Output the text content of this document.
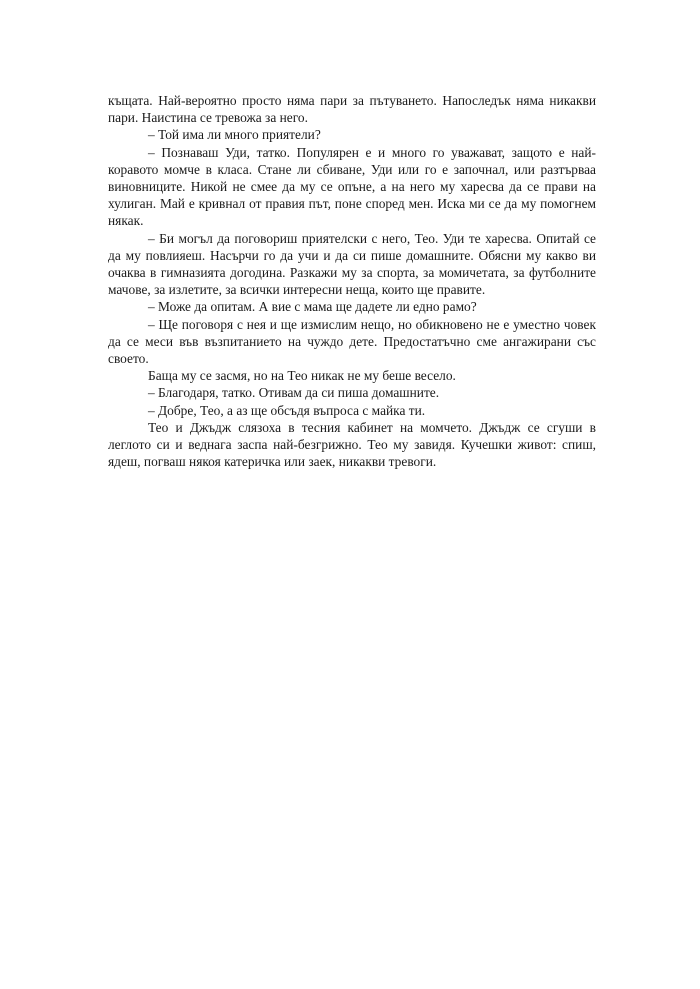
къщата. Най-вероятно просто няма пари за пътуването. Напоследък няма никакви пари. Наистина се тревожа за него.

– Той има ли много приятели?

– Познаваш Уди, татко. Популярен е и много го уважават, защото е най-коравото момче в класа. Стане ли сбиване, Уди или го е започнал, или разтърваа виновниците. Никой не смее да му се опъне, а на него му харесва да се прави на хулиган. Май е кривнал от правия път, поне според мен. Иска ми се да му помогнем някак.

– Би могъл да поговориш приятелски с него, Тео. Уди те харесва. Опитай се да му повлияеш. Насърчи го да учи и да си пише домашните. Обясни му какво ви очаква в гимназията догодина. Разкажи му за спорта, за момичетата, за футболните мачове, за излетите, за всички интересни неща, които ще правите.

– Може да опитам. А вие с мама ще дадете ли едно рамо?

– Ще поговоря с нея и ще измислим нещо, но обикновено не е уместно човек да се меси във възпитанието на чуждо дете. Предостатъчно сме ангажирани със своето.

Баща му се засмя, но на Тео никак не му беше весело.

– Благодаря, татко. Отивам да си пиша домашните.

– Добре, Тео, а аз ще обсъдя въпроса с майка ти.

Тео и Джъдж слязоха в тесния кабинет на момчето. Джъдж се сгуши в леглото си и веднага заспа най-безгрижно. Тео му завидя. Кучешки живот: спиш, ядеш, погваш някоя катеричка или заек, никакви тревоги.
